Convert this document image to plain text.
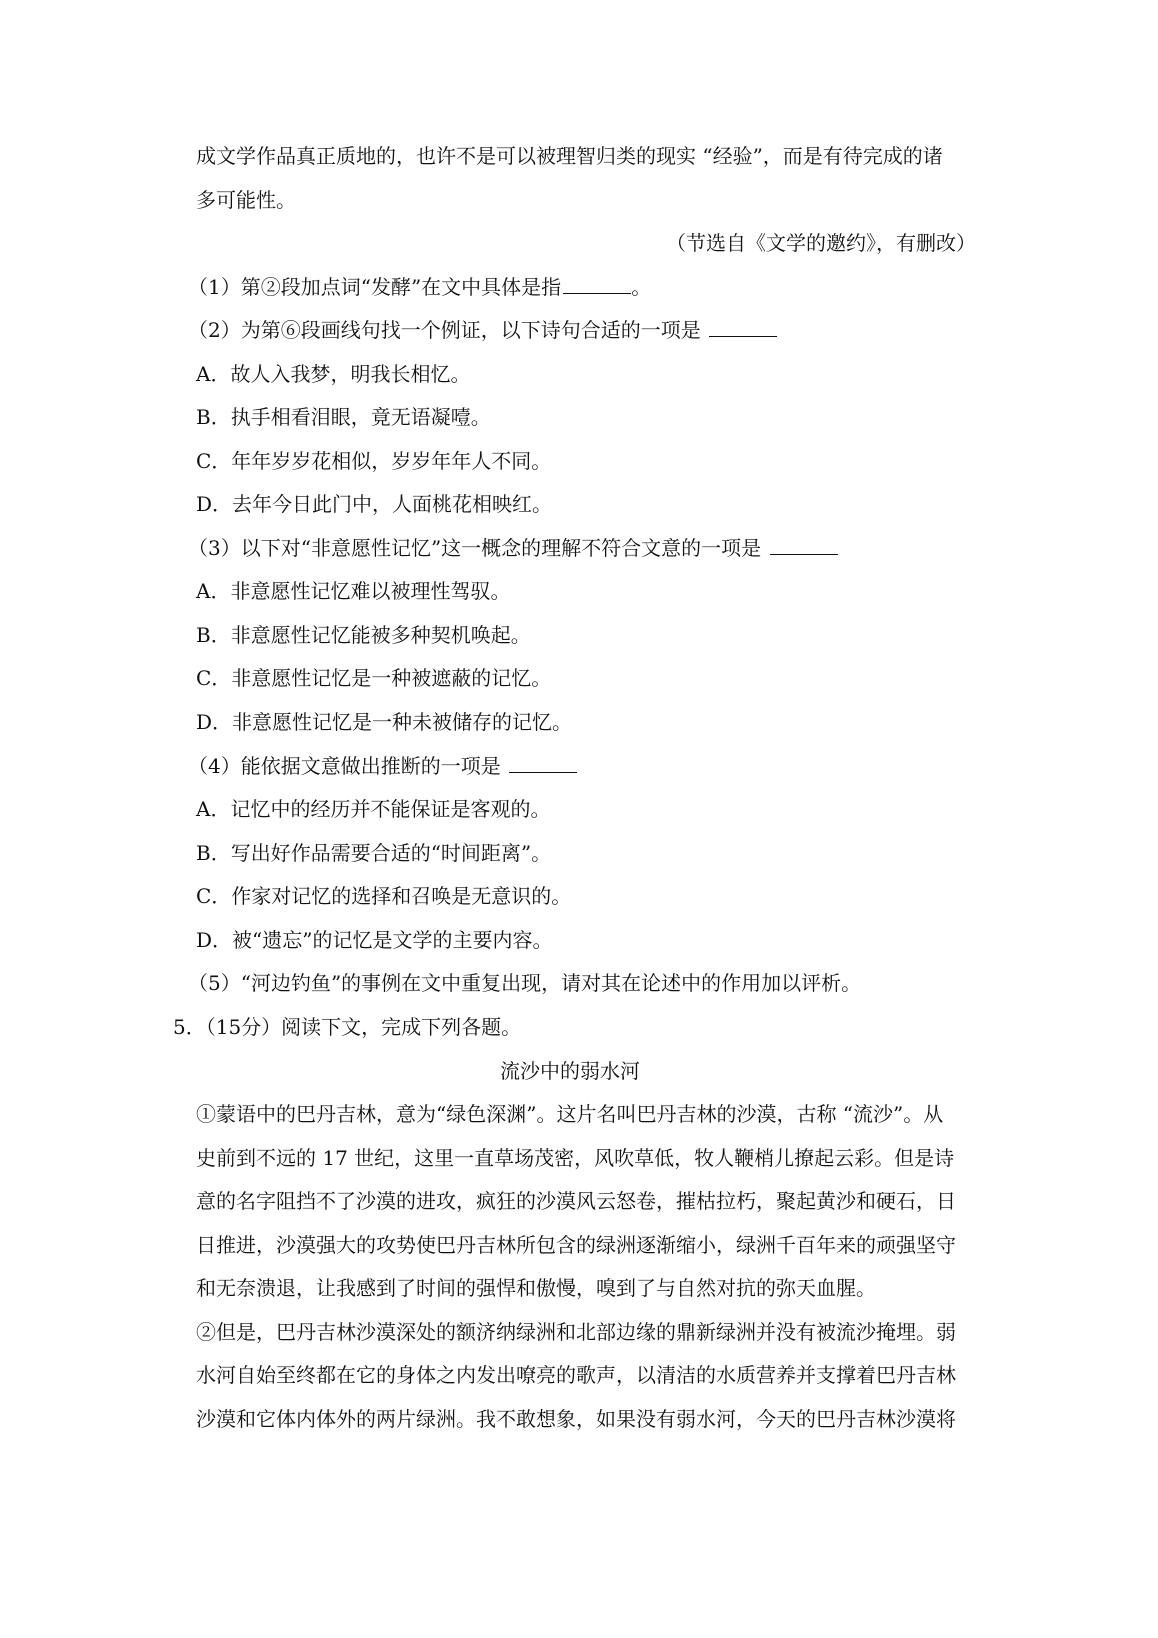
成文学作品真正质地的，也许不是可以被理智归类的现实 “经验”，而是有待完成的诸
多可能性。
（节选自《文学的邀约》，有删改）
（1）第②段加点词“发酵”在文中具体是指	。
（2）为第⑥段画线句找一个例证，以下诗句合适的一项是
A．故人入我梦，明我长相忆。
B．执手相看泪眼，竟无语凝噎。
C．年年岁岁花相似，岁岁年年人不同。
D．去年今日此门中，人面桃花相映红。
（3）以下对“非意愿性记忆”这一概念的理解不符合文意的一项是
A．非意愿性记忆难以被理性驾驭。
B．非意愿性记忆能被多种契机唤起。
C．非意愿性记忆是一种被遮蔽的记忆。
D．非意愿性记忆是一种未被储存的记忆。
（4）能依据文意做出推断的一项是
A．记忆中的经历并不能保证是客观的。
B．写出好作品需要合适的“时间距离”。
C．作家对记忆的选择和召唤是无意识的。
D．被“遗忘”的记忆是文学的主要内容。
（5）“河边钓鱼”的事例在文中重复出现，请对其在论述中的作用加以评析。
5．（15分）阅读下文，完成下列各题。
流沙中的弱水河
①蒙语中的巴丹吉林，意为“绿色深渊”。这片名叫巴丹吉林的沙漠，古称 “流沙”。从
史前到不远的 17 世纪，这里一直草场茂密，风吹草低，牧人鞭梢儿撩起云彩。但是诗
意的名字阻挡不了沙漠的进攻，疯狂的沙漠风云怒卷，摧枯拉朽，聚起黄沙和硬石，日
日推进，沙漠强大的攻势使巴丹吉林所包含的绿洲逐渐缩小，绿洲千百年来的顽强坚守
和无奈溃退，让我感到了时间的强悍和傲慢，嗅到了与自然对抗的弥天血腥。
②但是，巴丹吉林沙漠深处的额济纳绿洲和北部边缘的鼎新绿洲并没有被流沙掩埋。弱
水河自始至终都在它的身体之内发出嘹亮的歌声，以清洁的水质营养并支撑着巴丹吉林
沙漠和它体内体外的两片绿洲。我不敢想象，如果没有弱水河，今天的巴丹吉林沙漠将
